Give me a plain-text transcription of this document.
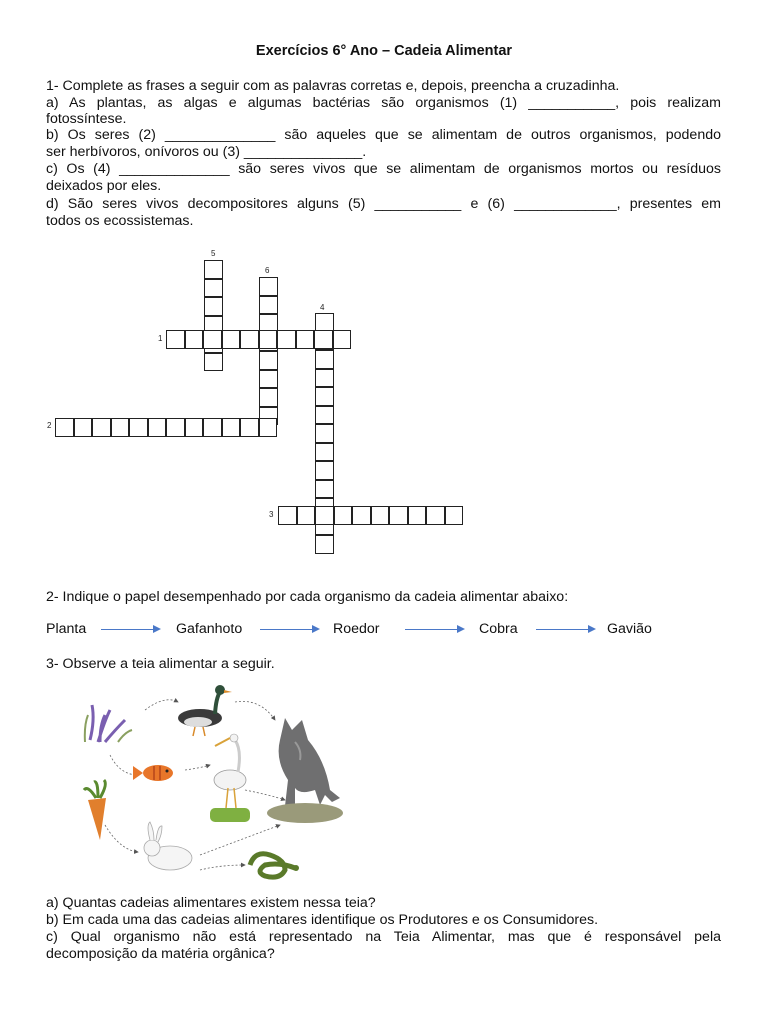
Exercícios 6° Ano – Cadeia Alimentar
1- Complete as frases a seguir com as palavras corretas e, depois, preencha a cruzadinha.
a) As plantas, as algas e algumas bactérias são organismos (1) ___________, pois realizam
fotossíntese.
b) Os seres (2) ______________ são aqueles que se alimentam de outros organismos, podendo
ser herbívoros, onívoros ou (3) _______________.
c) Os (4) ______________ são seres vivos que se alimentam de organismos mortos ou resíduos
deixados por eles.
d) São seres vivos decompositores alguns (5) ___________ e (6) _____________, presentes em
todos os ecossistemas.
5
6
4
1
2
3
2- Indique o papel desempenhado por cada organismo da cadeia alimentar abaixo:
Planta	Gafanhoto	Roedor	Cobra	Gavião
3- Observe a teia alimentar a seguir.
a) Quantas cadeias alimentares existem nessa teia?
b) Em cada uma das cadeias alimentares identifique os Produtores e os Consumidores.
c) Qual organismo não está representado na Teia Alimentar, mas que é responsável pela
decomposição da matéria orgânica?
